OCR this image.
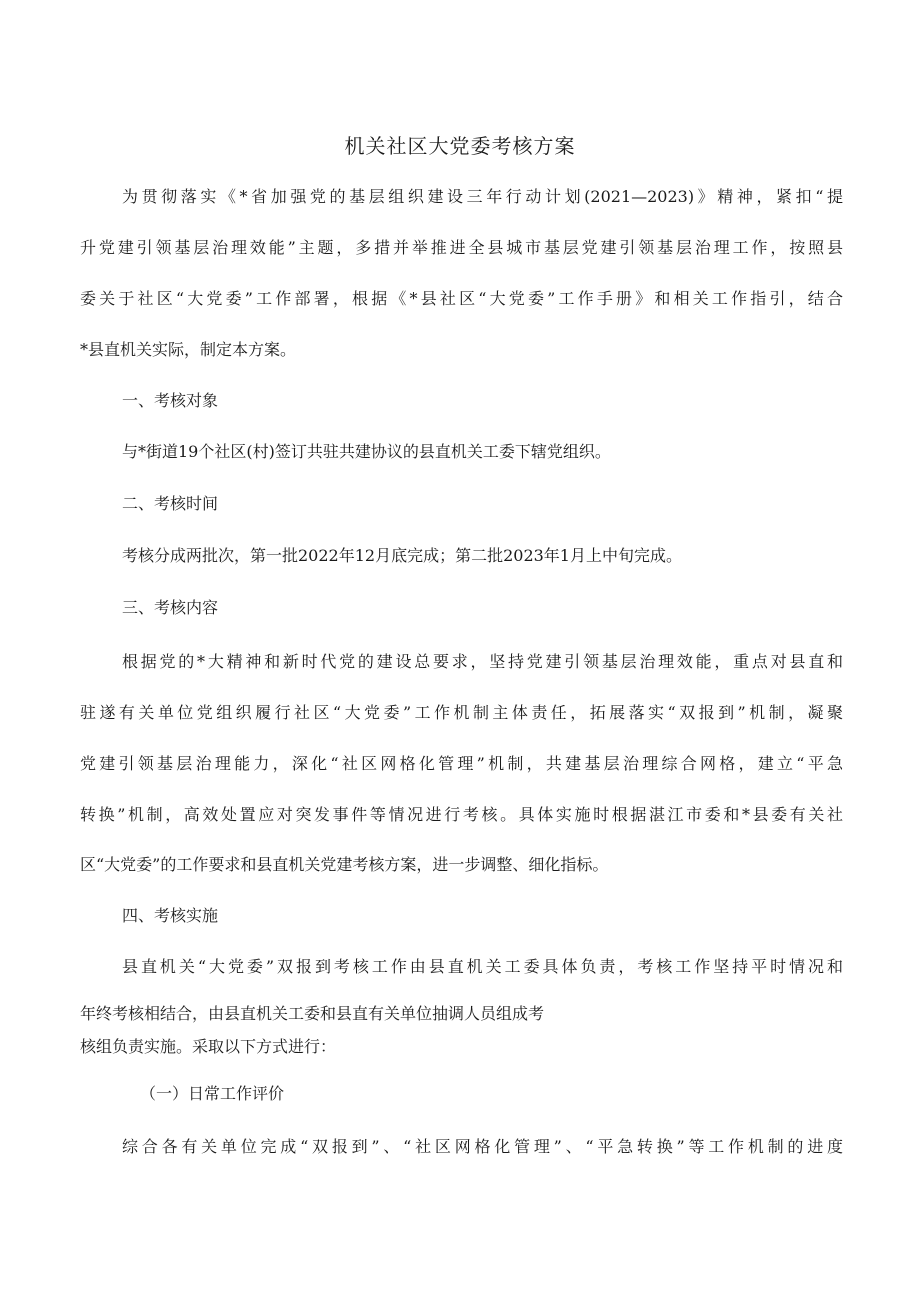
机关社区大党委考核方案
为贯彻落实《*省加强党的基层组织建设三年行动计划(2021—2023)》精神，紧扣“提
升党建引领基层治理效能”主题，多措并举推进全县城市基层党建引领基层治理工作，按照县
委关于社区“大党委”工作部署，根据《*县社区“大党委”工作手册》和相关工作指引，结合
*县直机关实际，制定本方案。
一、考核对象
与*街道19个社区(村)签订共驻共建协议的县直机关工委下辖党组织。
二、考核时间
考核分成两批次，第一批2022年12月底完成；第二批2023年1月上中旬完成。
三、考核内容
根据党的*大精神和新时代党的建设总要求，坚持党建引领基层治理效能，重点对县直和
驻遂有关单位党组织履行社区“大党委”工作机制主体责任，拓展落实“双报到”机制，凝聚
党建引领基层治理能力，深化“社区网格化管理”机制，共建基层治理综合网格，建立“平急
转换”机制，高效处置应对突发事件等情况进行考核。具体实施时根据湛江市委和*县委有关社
区“大党委”的工作要求和县直机关党建考核方案，进一步调整、细化指标。
四、考核实施
县直机关“大党委”双报到考核工作由县直机关工委具体负责，考核工作坚持平时情况和
年终考核相结合，由县直机关工委和县直有关单位抽调人员组成考
核组负责实施。采取以下方式进行：
（一）日常工作评价
综合各有关单位完成“双报到”、“社区网格化管理”、“平急转换”等工作机制的进度
